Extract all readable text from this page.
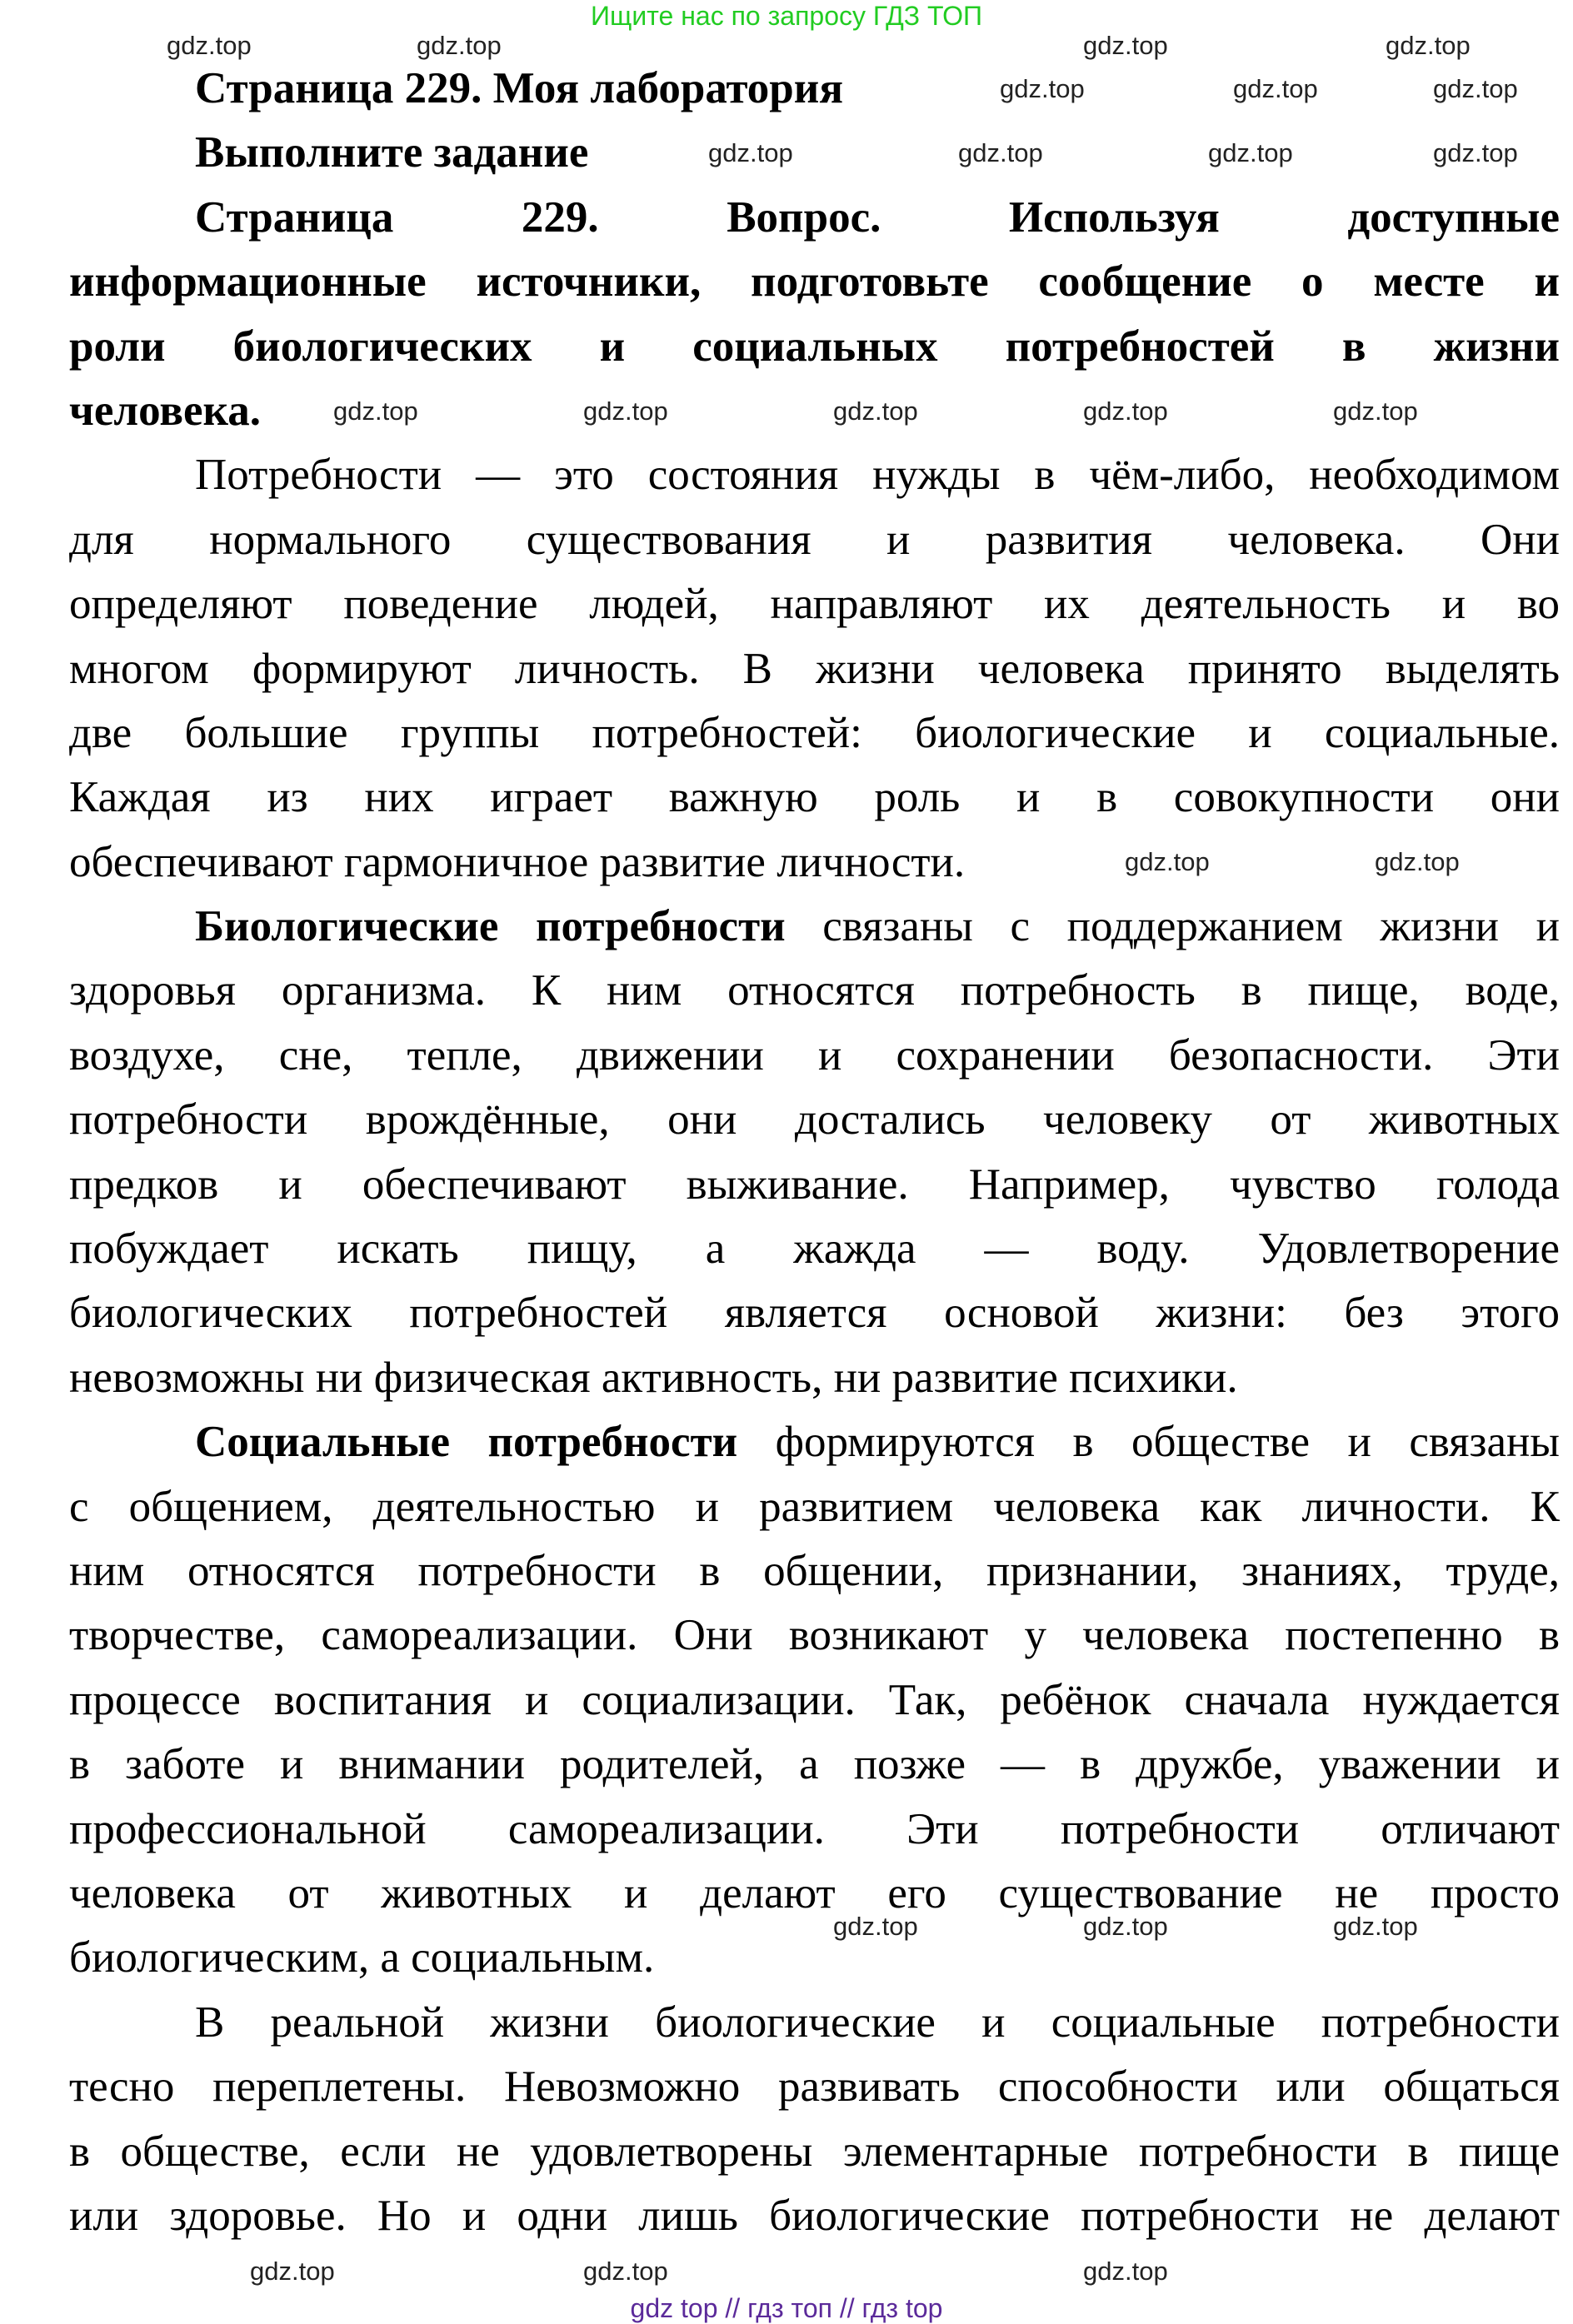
Ищите нас по запросу ГДЗ ТОП
Страница 229. Моя лаборатория
Выполните задание
Страница 229. Вопрос. Используя доступные
информационные источники, подготовьте сообщение о месте и
роли биологических и социальных потребностей в жизни
человека.
Потребности — это состояния нужды в чём-либо, необходимом
для нормального существования и развития человека. Они
определяют поведение людей, направляют их деятельность и во
многом формируют личность. В жизни человека принято выделять
две большие группы потребностей: биологические и социальные.
Каждая из них играет важную роль и в совокупности они
обеспечивают гармоничное развитие личности.
Биологические потребности связаны с поддержанием жизни и
здоровья организма. К ним относятся потребность в пище, воде,
воздухе, сне, тепле, движении и сохранении безопасности. Эти
потребности врождённые, они достались человеку от животных
предков и обеспечивают выживание. Например, чувство голода
побуждает искать пищу, а жажда — воду. Удовлетворение
биологических потребностей является основой жизни: без этого
невозможны ни физическая активность, ни развитие психики.
Социальные потребности формируются в обществе и связаны
с общением, деятельностью и развитием человека как личности. К
ним относятся потребности в общении, признании, знаниях, труде,
творчестве, самореализации. Они возникают у человека постепенно в
процессе воспитания и социализации. Так, ребёнок сначала нуждается
в заботе и внимании родителей, а позже — в дружбе, уважении и
профессиональной самореализации. Эти потребности отличают
человека от животных и делают его существование не просто
биологическим, а социальным.
В реальной жизни биологические и социальные потребности
тесно переплетены. Невозможно развивать способности или общаться
в обществе, если не удовлетворены элементарные потребности в пище
или здоровье. Но и одни лишь биологические потребности не делают
gdz.top	gdz.top	gdz.top	gdz.top
gdz.top	gdz.top	gdz.top
gdz.top	gdz.top	gdz.top	gdz.top
gdz.top	gdz.top	gdz.top	gdz.top	gdz.top
gdz.top	gdz.top
gdz.top	gdz.top	gdz.top
gdz.top	gdz.top	gdz.top
gdz top // гдз топ // гдз top
